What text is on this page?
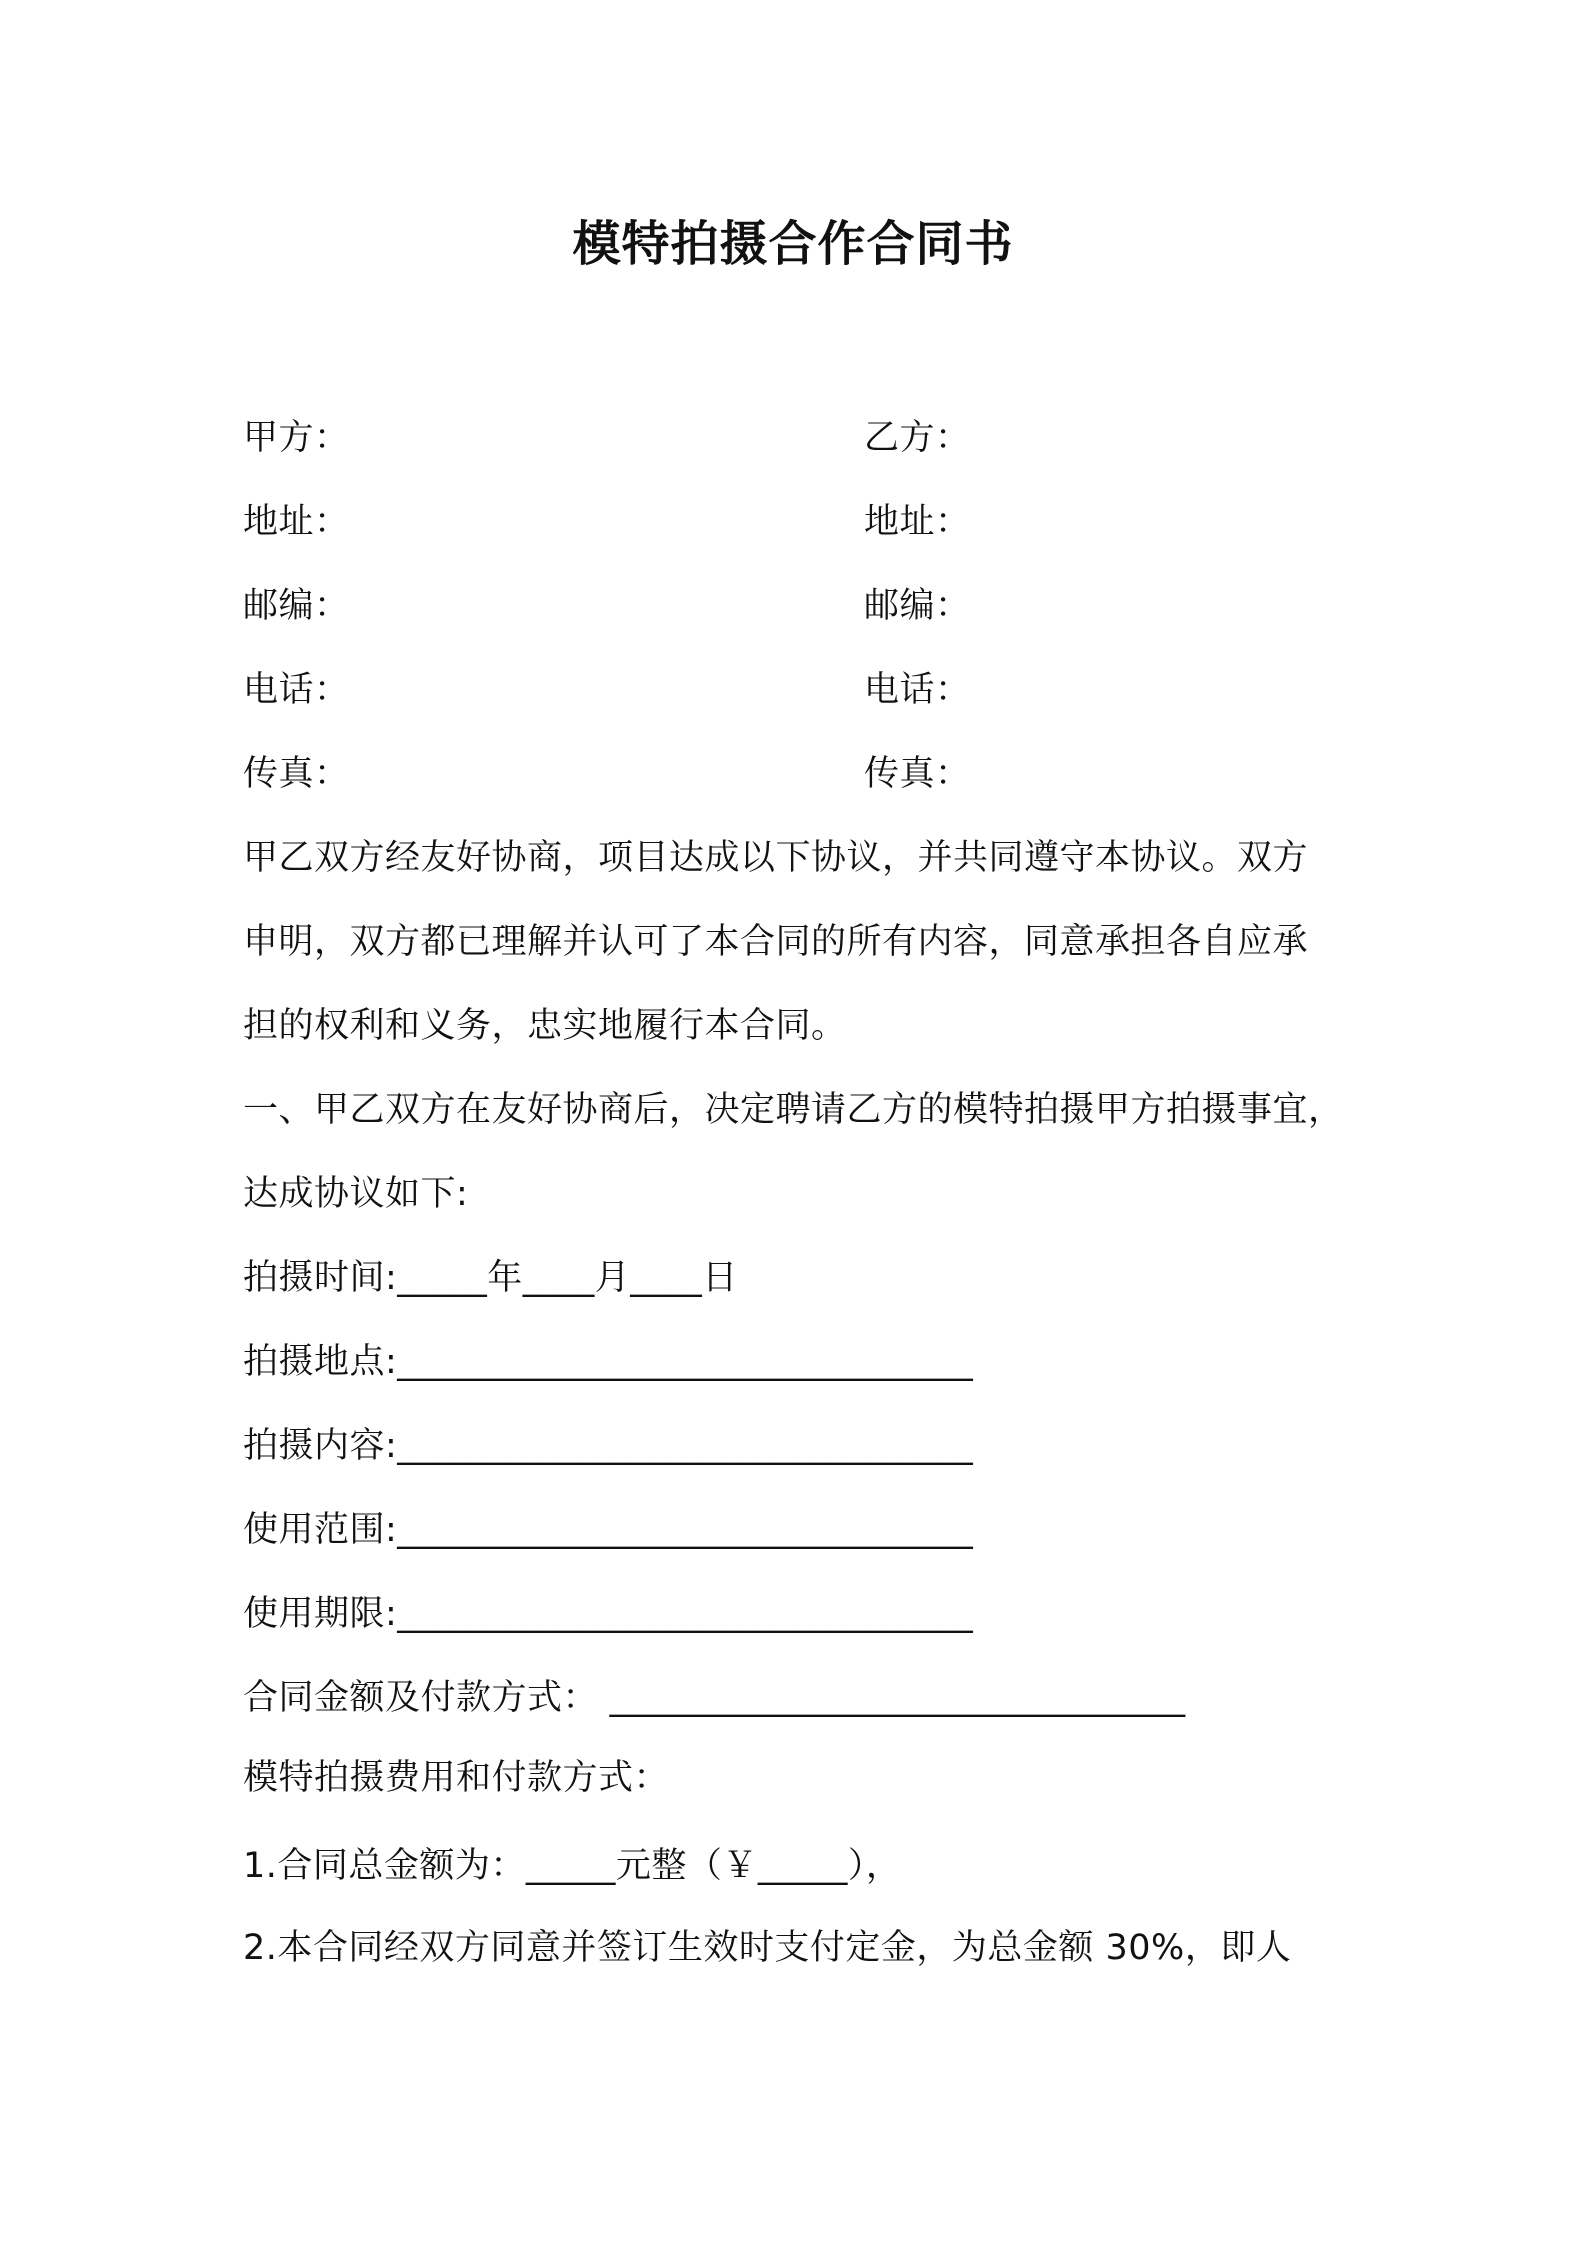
模特拍摄合作合同书
甲方：	乙方：
地址：	地址：
邮编：	邮编：
电话：	电话：
传真：	传真：
甲乙双方经友好协商，项目达成以下协议，并共同遵守本协议。双方
申明，双方都已理解并认可了本合同的所有内容，同意承担各自应承
担的权利和义务，忠实地履行本合同。
一、甲乙双方在友好协商后，决定聘请乙方的模特拍摄甲方拍摄事宜，
达成协议如下:
拍摄时间:_____年____月____日
拍摄地点:________________________________
拍摄内容:________________________________
使用范围:________________________________
使用期限:________________________________
合同金额及付款方式： ________________________________
模特拍摄费用和付款方式：
1.合同总金额为：_____元整（￥_____），
2.本合同经双方同意并签订生效时支付定金，为总金额 30%，即人
